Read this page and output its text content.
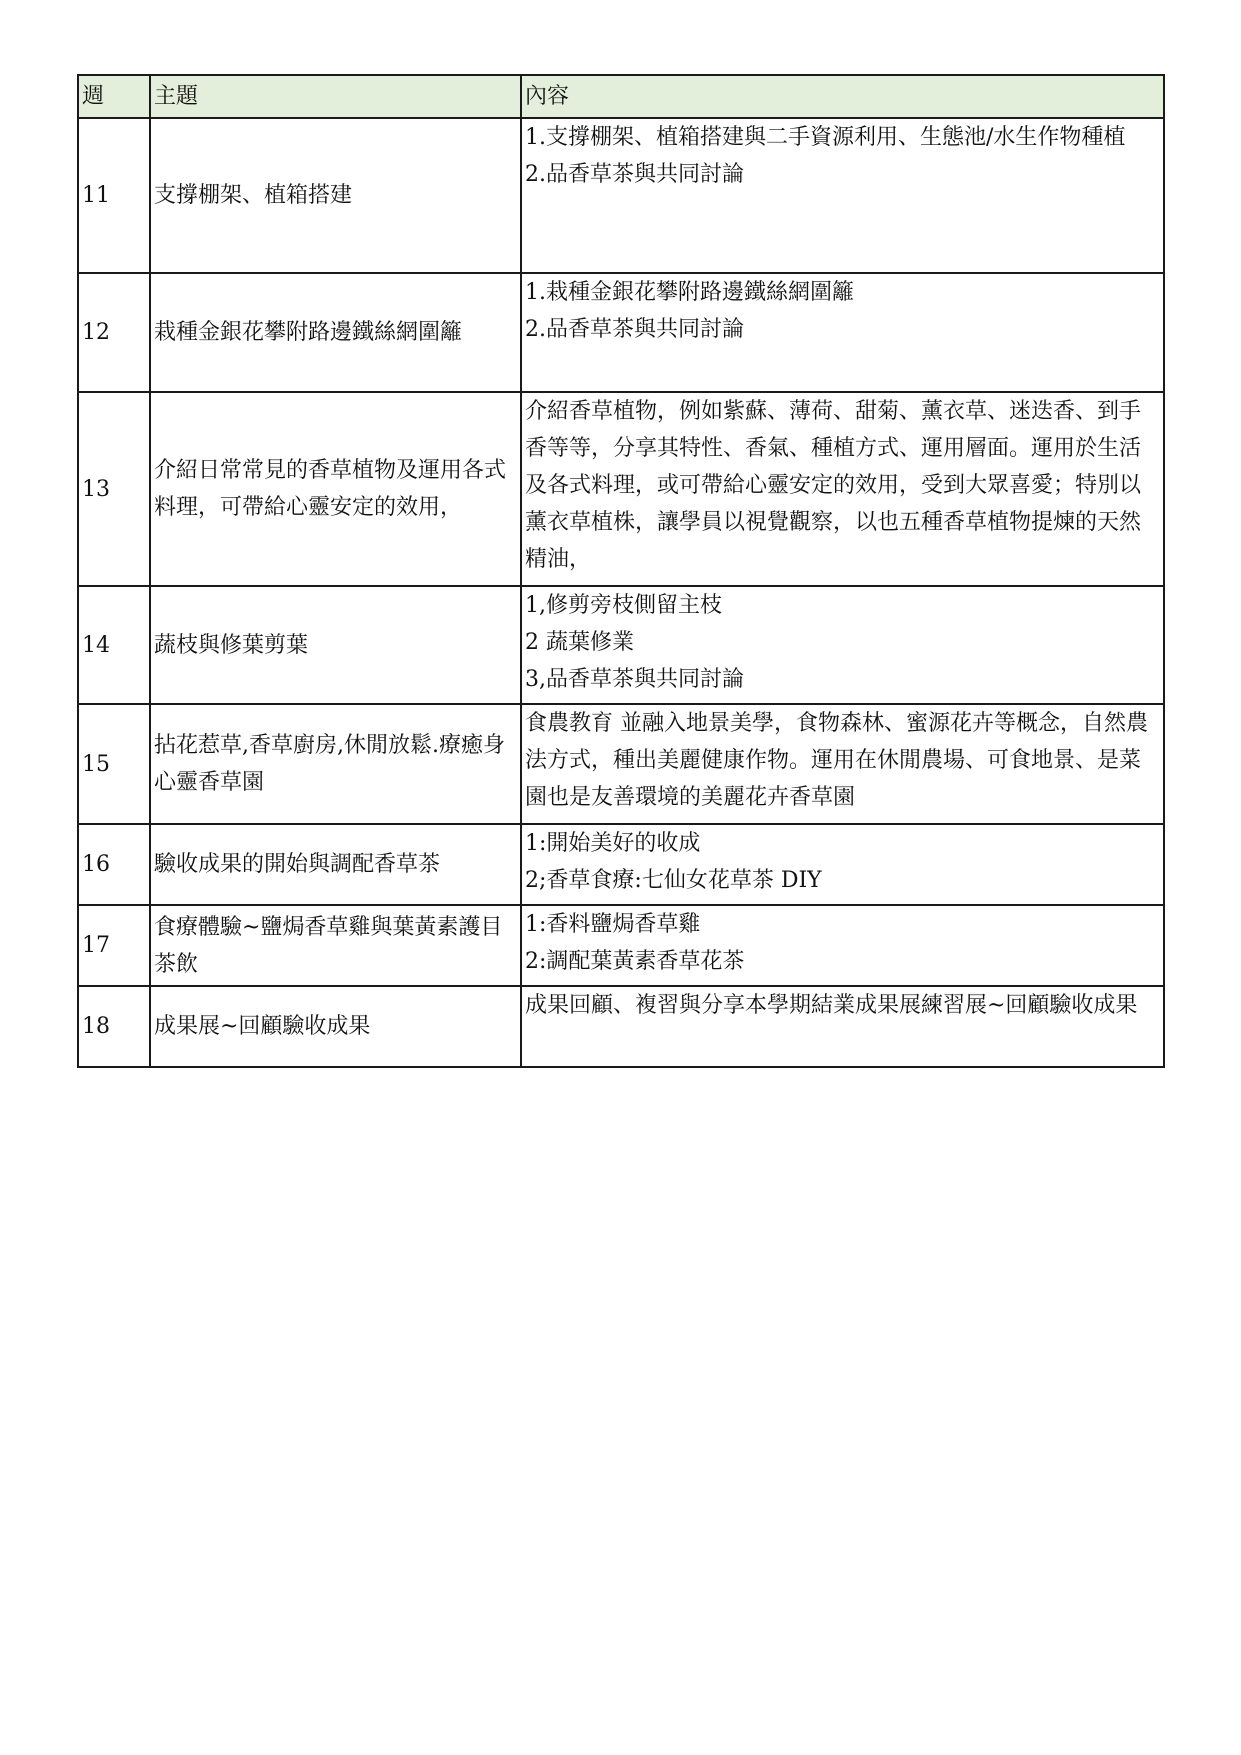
週	主題	內容

11	支撐棚架、植箱搭建	1.支撐棚架、植箱搭建與二手資源利用、生態池/水生作物種植
2.品香草茶與共同討論

12	栽種金銀花攀附路邊鐵絲網圍籬	1.栽種金銀花攀附路邊鐵絲網圍籬
2.品香草茶與共同討論

13	介紹日常常見的香草植物及運用各式料理，可帶給心靈安定的效用，	介紹香草植物，例如紫蘇、薄荷、甜菊、薰衣草、迷迭香、到手香等等，分享其特性、香氣、種植方式、運用層面。運用於生活及各式料理，或可帶給心靈安定的效用，受到大眾喜愛；特別以薰衣草植株，讓學員以視覺觀察，以也五種香草植物提煉的天然精油，

14	蔬枝與修葉剪葉	1,修剪旁枝側留主枝
2 蔬葉修業
3,品香草茶與共同討論

15	拈花惹草,香草廚房,休閒放鬆.療癒身心靈香草園	食農教育 並融入地景美學，食物森林、蜜源花卉等概念，自然農法方式，種出美麗健康作物。運用在休閒農場、可食地景、是菜園也是友善環境的美麗花卉香草園

16	驗收成果的開始與調配香草茶	1:開始美好的收成
2;香草食療:七仙女花草茶 DIY

17	食療體驗~鹽焗香草雞與葉黃素護目茶飲	1:香料鹽焗香草雞
2:調配葉黃素香草花茶

18	成果展~回顧驗收成果	成果回顧、複習與分享本學期結業成果展練習展~回顧驗收成果
